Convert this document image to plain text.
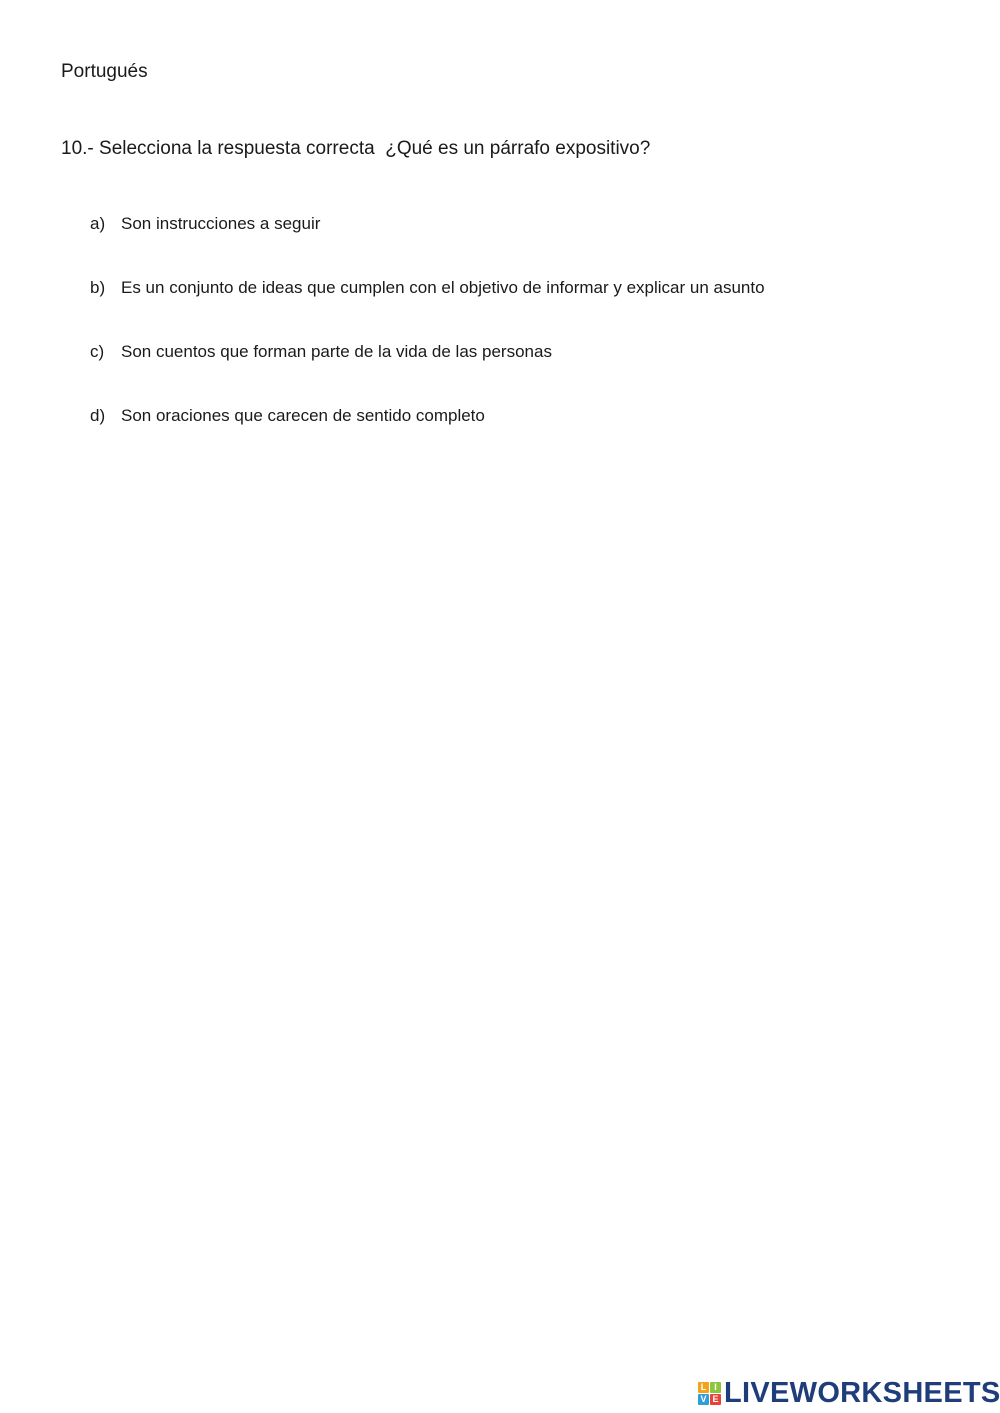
Portugués
10.- Selecciona la respuesta correcta  ¿Qué es un párrafo expositivo?
a) Son instrucciones a seguir
b) Es un conjunto de ideas que cumplen con el objetivo de informar y explicar un asunto
c) Son cuentos que forman parte de la vida de las personas
d) Son oraciones que carecen de sentido completo
L I
V E LIVEWORKSHEETS
